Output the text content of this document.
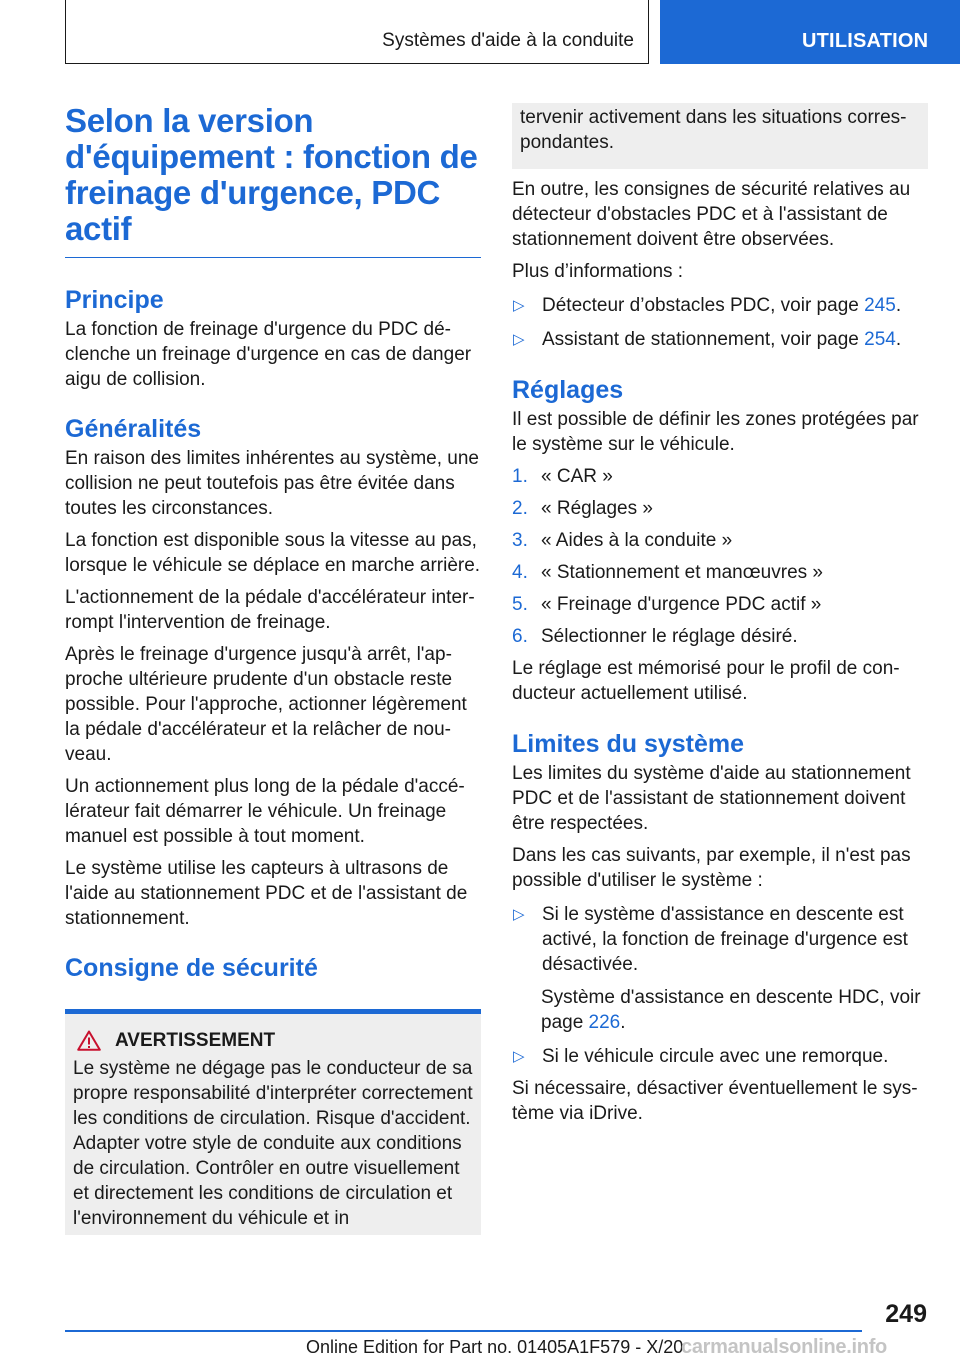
Systèmes d'aide à la conduite	UTILISATION
Selon la version d'équipement : fonction de freinage d'urgence, PDC actif
Principe

La fonction de freinage d'urgence du PDC déclenche un freinage d'urgence en cas de danger aigu de collision.

Généralités

En raison des limites inhérentes au système, une collision ne peut toutefois pas être évitée dans toutes les circonstances.

La fonction est disponible sous la vitesse au pas, lorsque le véhicule se déplace en marche arrière.

L'actionnement de la pédale d'accélérateur interrompt l'intervention de freinage.

Après le freinage d'urgence jusqu'à arrêt, l'approche ultérieure prudente d'un obstacle reste possible. Pour l'approche, actionner légèrement la pédale d'accélérateur et la relâcher de nouveau.

Un actionnement plus long de la pédale d'accélérateur fait démarrer le véhicule. Un freinage manuel est possible à tout moment.

Le système utilise les capteurs à ultrasons de l'aide au stationnement PDC et de l'assistant de stationnement.

Consigne de sécurité
AVERTISSEMENT

Le système ne dégage pas le conducteur de sa propre responsabilité d'interpréter correctement les conditions de circulation. Risque d'accident. Adapter votre style de conduite aux conditions de circulation. Contrôler en outre visuellement et directement les conditions de circulation et l'environnement du véhicule et in

tervenir activement dans les situations correspondantes.

En outre, les consignes de sécurité relatives au détecteur d'obstacles PDC et à l'assistant de stationnement doivent être observées.

Plus d’informations :

▷ Détecteur d’obstacles PDC, voir page 245.
▷ Assistant de stationnement, voir page 254.
Réglages

Il est possible de définir les zones protégées par le système sur le véhicule.

1. « CAR »
2. « Réglages »
3. « Aides à la conduite »
4. « Stationnement et manœuvres »
5. « Freinage d'urgence PDC actif »
6. Sélectionner le réglage désiré.

Le réglage est mémorisé pour le profil de conducteur actuellement utilisé.

Limites du système

Les limites du système d'aide au stationnement PDC et de l'assistant de stationnement doivent être respectées.

Dans les cas suivants, par exemple, il n'est pas possible d'utiliser le système :

▷ Si le système d'assistance en descente est activé, la fonction de freinage d'urgence est désactivée.

Système d'assistance en descente HDC, voir page 226.

▷ Si le véhicule circule avec une remorque.

Si nécessaire, désactiver éventuellement le système via iDrive.

249
Online Edition for Part no. 01405A1F579 - X/20
carmanualsonline.info
